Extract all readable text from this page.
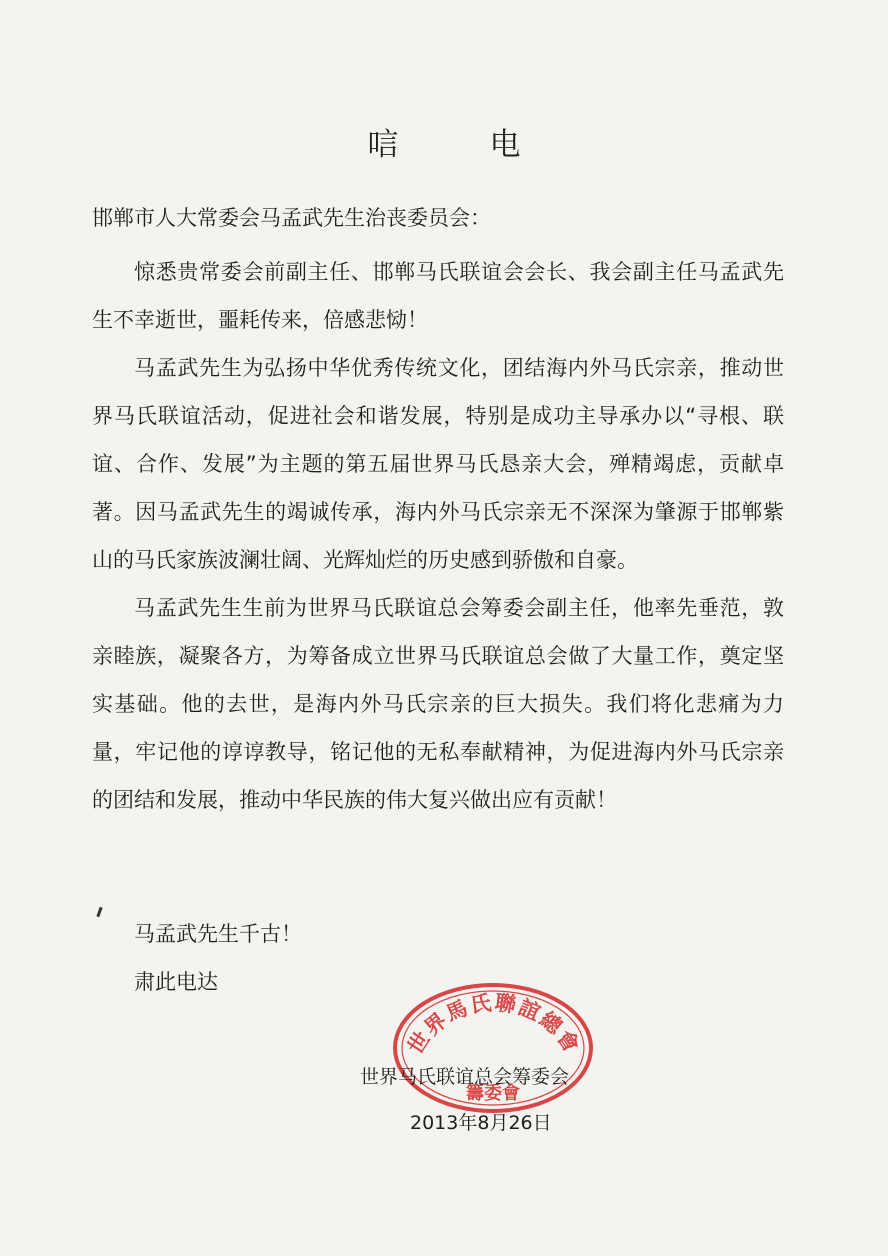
唁　电

邯郸市人大常委会马孟武先生治丧委员会：

惊悉贵常委会前副主任、邯郸马氏联谊会会长、我会副主任马孟武先生不幸逝世，噩耗传来，倍感悲恸！

马孟武先生为弘扬中华优秀传统文化，团结海内外马氏宗亲，推动世界马氏联谊活动，促进社会和谐发展，特别是成功主导承办以“寻根、联谊、合作、发展”为主题的第五届世界马氏恳亲大会，殚精竭虑，贡献卓著。因马孟武先生的竭诚传承，海内外马氏宗亲无不深深为肇源于邯郸紫山的马氏家族波澜壮阔、光辉灿烂的历史感到骄傲和自豪。

马孟武先生生前为世界马氏联谊总会筹委会副主任，他率先垂范，敦亲睦族，凝聚各方，为筹备成立世界马氏联谊总会做了大量工作，奠定坚实基础。他的去世，是海内外马氏宗亲的巨大损失。我们将化悲痛为力量，牢记他的谆谆教导，铭记他的无私奉献精神，为促进海内外马氏宗亲的团结和发展，推动中华民族的伟大复兴做出应有贡献！

马孟武先生千古！

肃此电达

世界馬氏聯誼總會
籌委會

世界马氏联谊总会筹委会

2013年8月26日
